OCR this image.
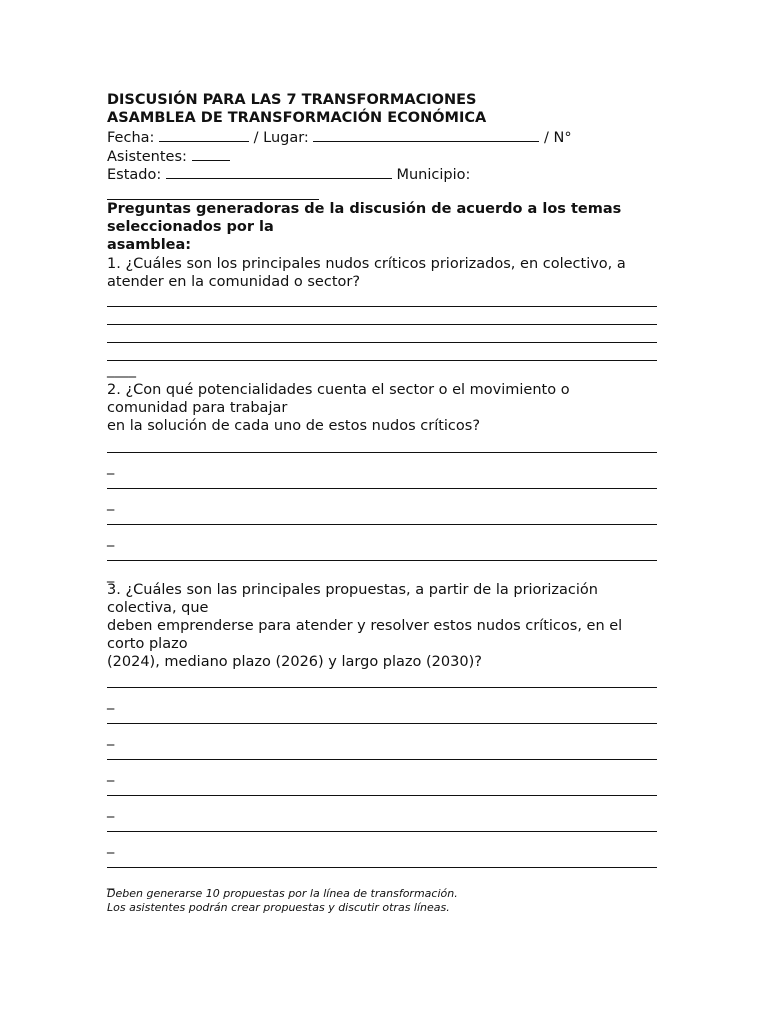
DISCUSIÓN PARA LAS 7 TRANSFORMACIONES

ASAMBLEA DE TRANSFORMACIÓN ECONÓMICA

Fecha:	/ Lugar:	/ N°

Asistentes:

Estado:	Municipio:

Preguntas generadoras de la discusión de acuerdo a los temas

seleccionados por la

asamblea:

1. ¿Cuáles son los principales nudos críticos priorizados, en colectivo, a

atender en la comunidad o sector?

____

2. ¿Con qué potencialidades cuenta el sector o el movimiento o

comunidad para trabajar

en la solución de cada uno de estos nudos críticos?

_

_

_

_

3. ¿Cuáles son las principales propuestas, a partir de la priorización

colectiva, que

deben emprenderse para atender y resolver estos nudos críticos, en el

corto plazo

(2024), mediano plazo (2026) y largo plazo (2030)?

_

_

_

_

_

_

Deben generarse 10 propuestas por la línea de transformación.

Los asistentes podrán crear propuestas y discutir otras líneas.
